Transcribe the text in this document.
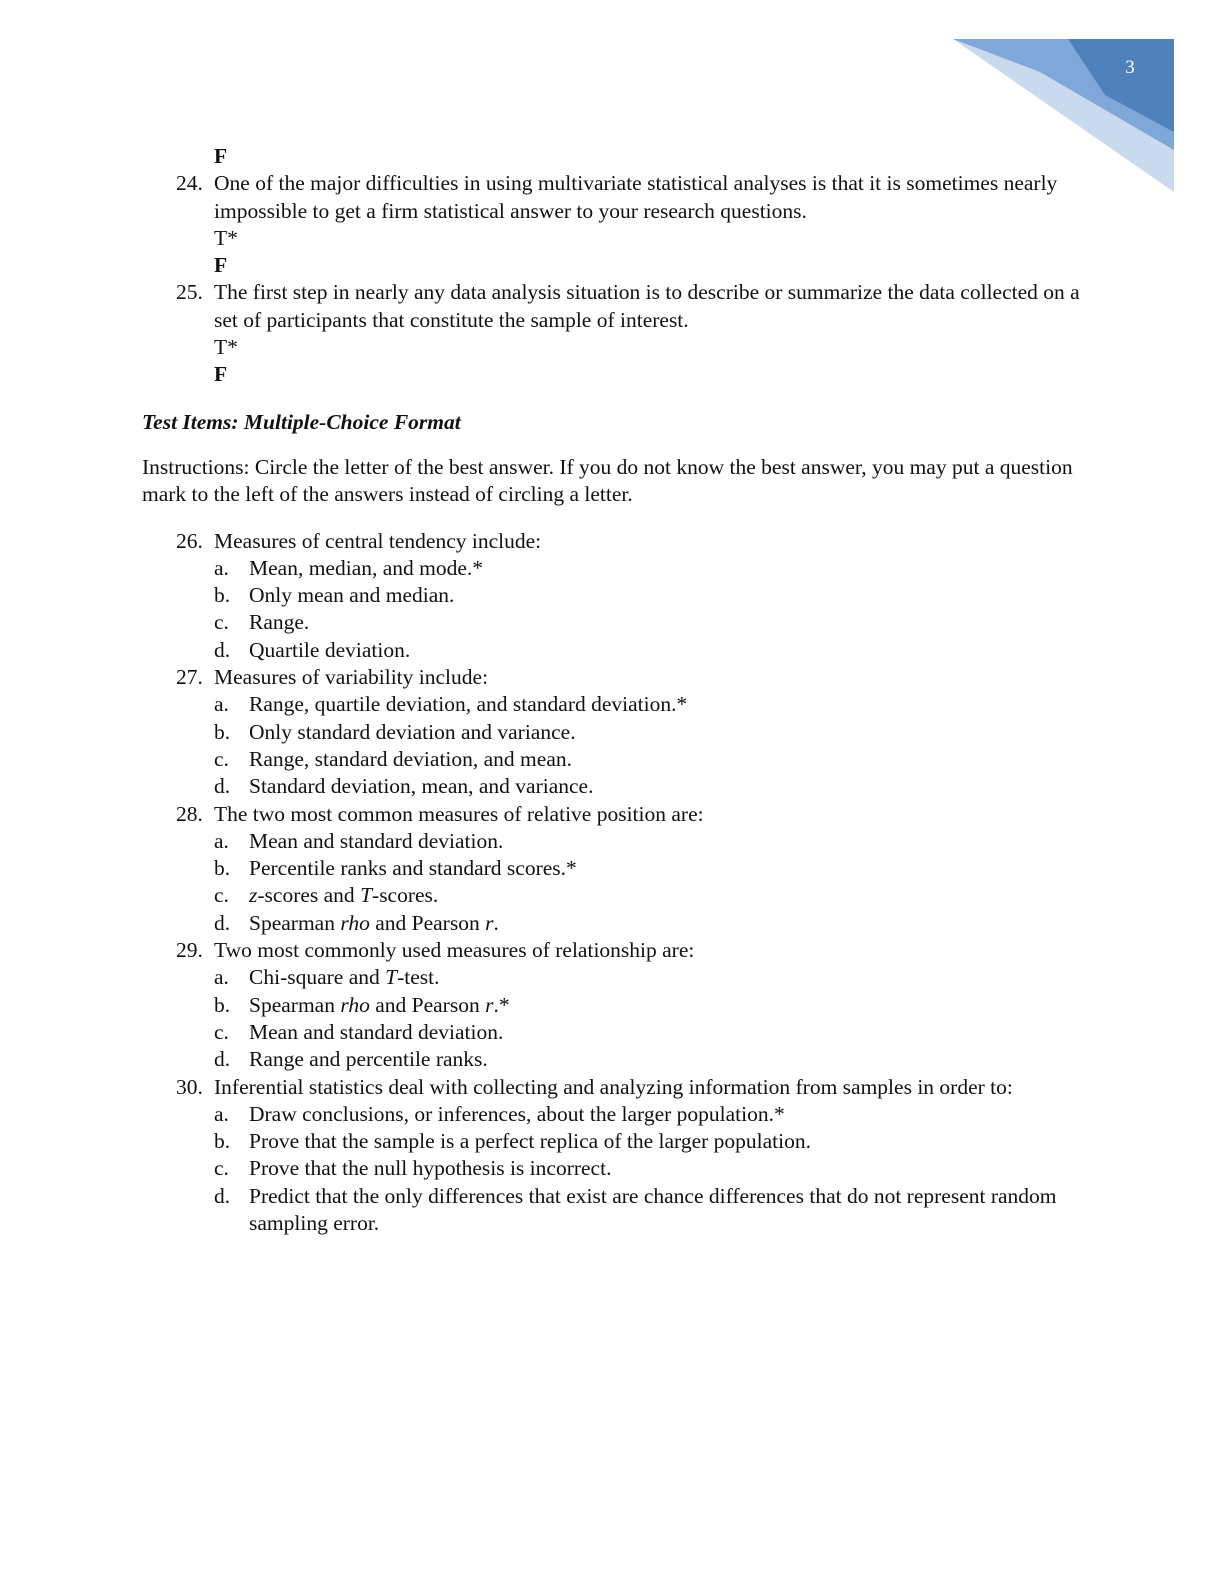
3
F
24. One of the major difficulties in using multivariate statistical analyses is that it is sometimes nearly impossible to get a firm statistical answer to your research questions.
T*
F
25. The first step in nearly any data analysis situation is to describe or summarize the data collected on a set of participants that constitute the sample of interest.
T*
F
Test Items: Multiple-Choice Format
Instructions: Circle the letter of the best answer. If you do not know the best answer, you may put a question mark to the left of the answers instead of circling a letter.
26. Measures of central tendency include:
a. Mean, median, and mode.*
b. Only mean and median.
c. Range.
d. Quartile deviation.
27. Measures of variability include:
a. Range, quartile deviation, and standard deviation.*
b. Only standard deviation and variance.
c. Range, standard deviation, and mean.
d. Standard deviation, mean, and variance.
28. The two most common measures of relative position are:
a. Mean and standard deviation.
b. Percentile ranks and standard scores.*
c. z-scores and T-scores.
d. Spearman rho and Pearson r.
29. Two most commonly used measures of relationship are:
a. Chi-square and T-test.
b. Spearman rho and Pearson r.*
c. Mean and standard deviation.
d. Range and percentile ranks.
30. Inferential statistics deal with collecting and analyzing information from samples in order to:
a. Draw conclusions, or inferences, about the larger population.*
b. Prove that the sample is a perfect replica of the larger population.
c. Prove that the null hypothesis is incorrect.
d. Predict that the only differences that exist are chance differences that do not represent random sampling error.
